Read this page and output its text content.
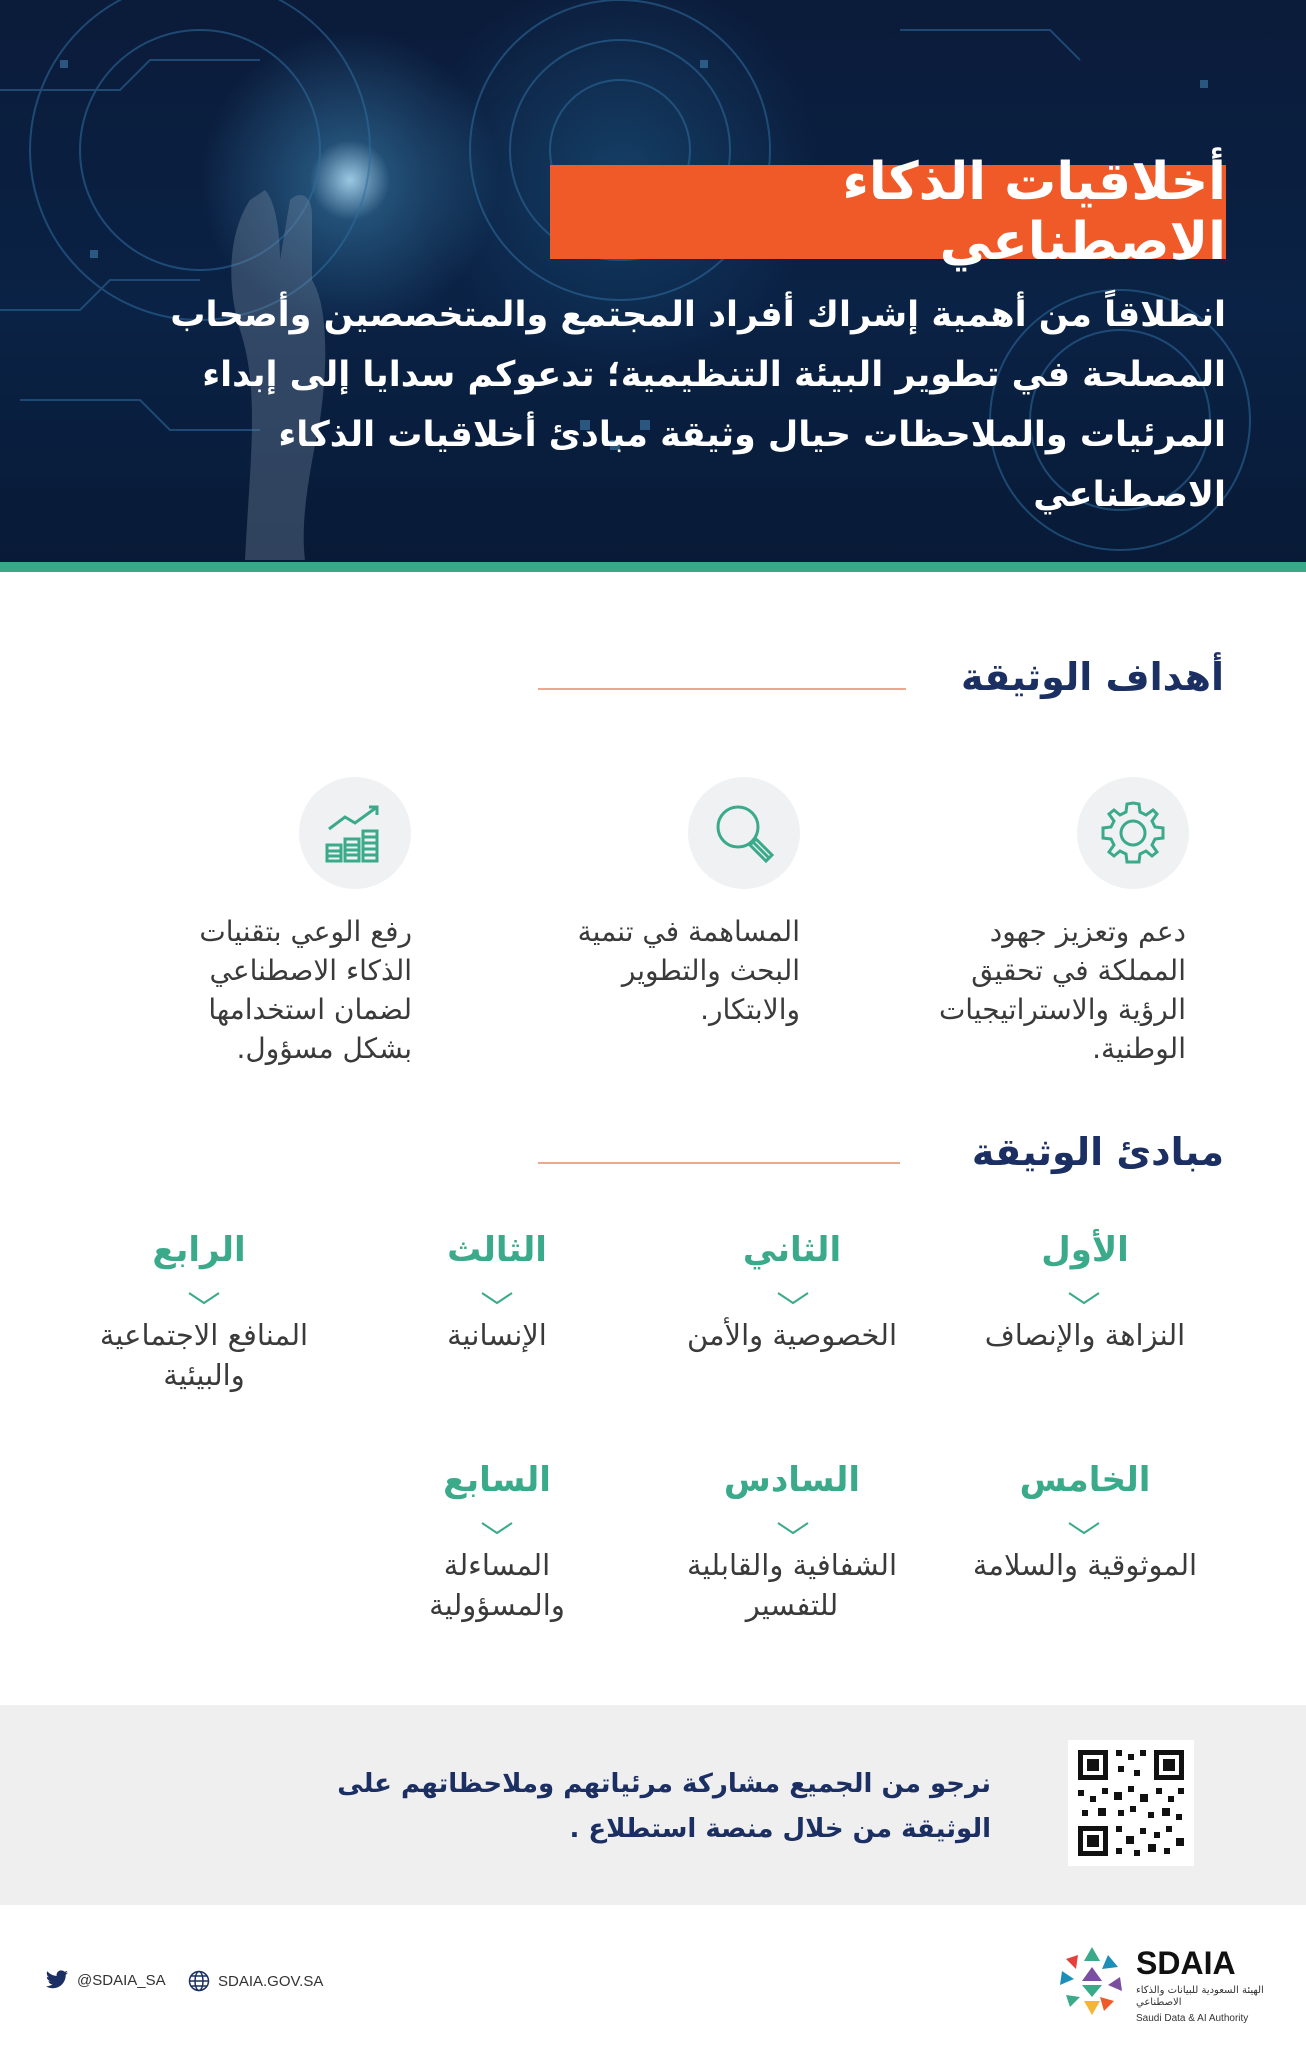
أخلاقيات الذكاء الاصطناعي
انطلاقاً من أهمية إشراك أفراد المجتمع والمتخصصين وأصحاب المصلحة في تطوير البيئة التنظيمية؛ تدعوكم سدايا إلى إبداء المرئيات والملاحظات حيال وثيقة مبادئ أخلاقيات الذكاء الاصطناعي
أهداف الوثيقة
دعم وتعزيز جهود المملكة في تحقيق الرؤية والاستراتيجيات الوطنية.
المساهمة في تنمية البحث والتطوير والابتكار.
رفع الوعي بتقنيات الذكاء الاصطناعي لضمان استخدامها بشكل مسؤول.
مبادئ الوثيقة
الأول
النزاهة والإنصاف
الثاني
الخصوصية والأمن
الثالث
الإنسانية
الرابع
المنافع الاجتماعية والبيئية
الخامس
الموثوقية والسلامة
السادس
الشفافية والقابلية للتفسير
السابع
المساءلة والمسؤولية
نرجو من الجميع مشاركة مرئياتهم وملاحظاتهم على الوثيقة من خلال منصة استطلاع .
@SDAIA_SA	SDAIA.GOV.SA	SDAIA
الهيئة السعودية للبيانات والذكاء الاصطناعي
Saudi Data & AI Authority
